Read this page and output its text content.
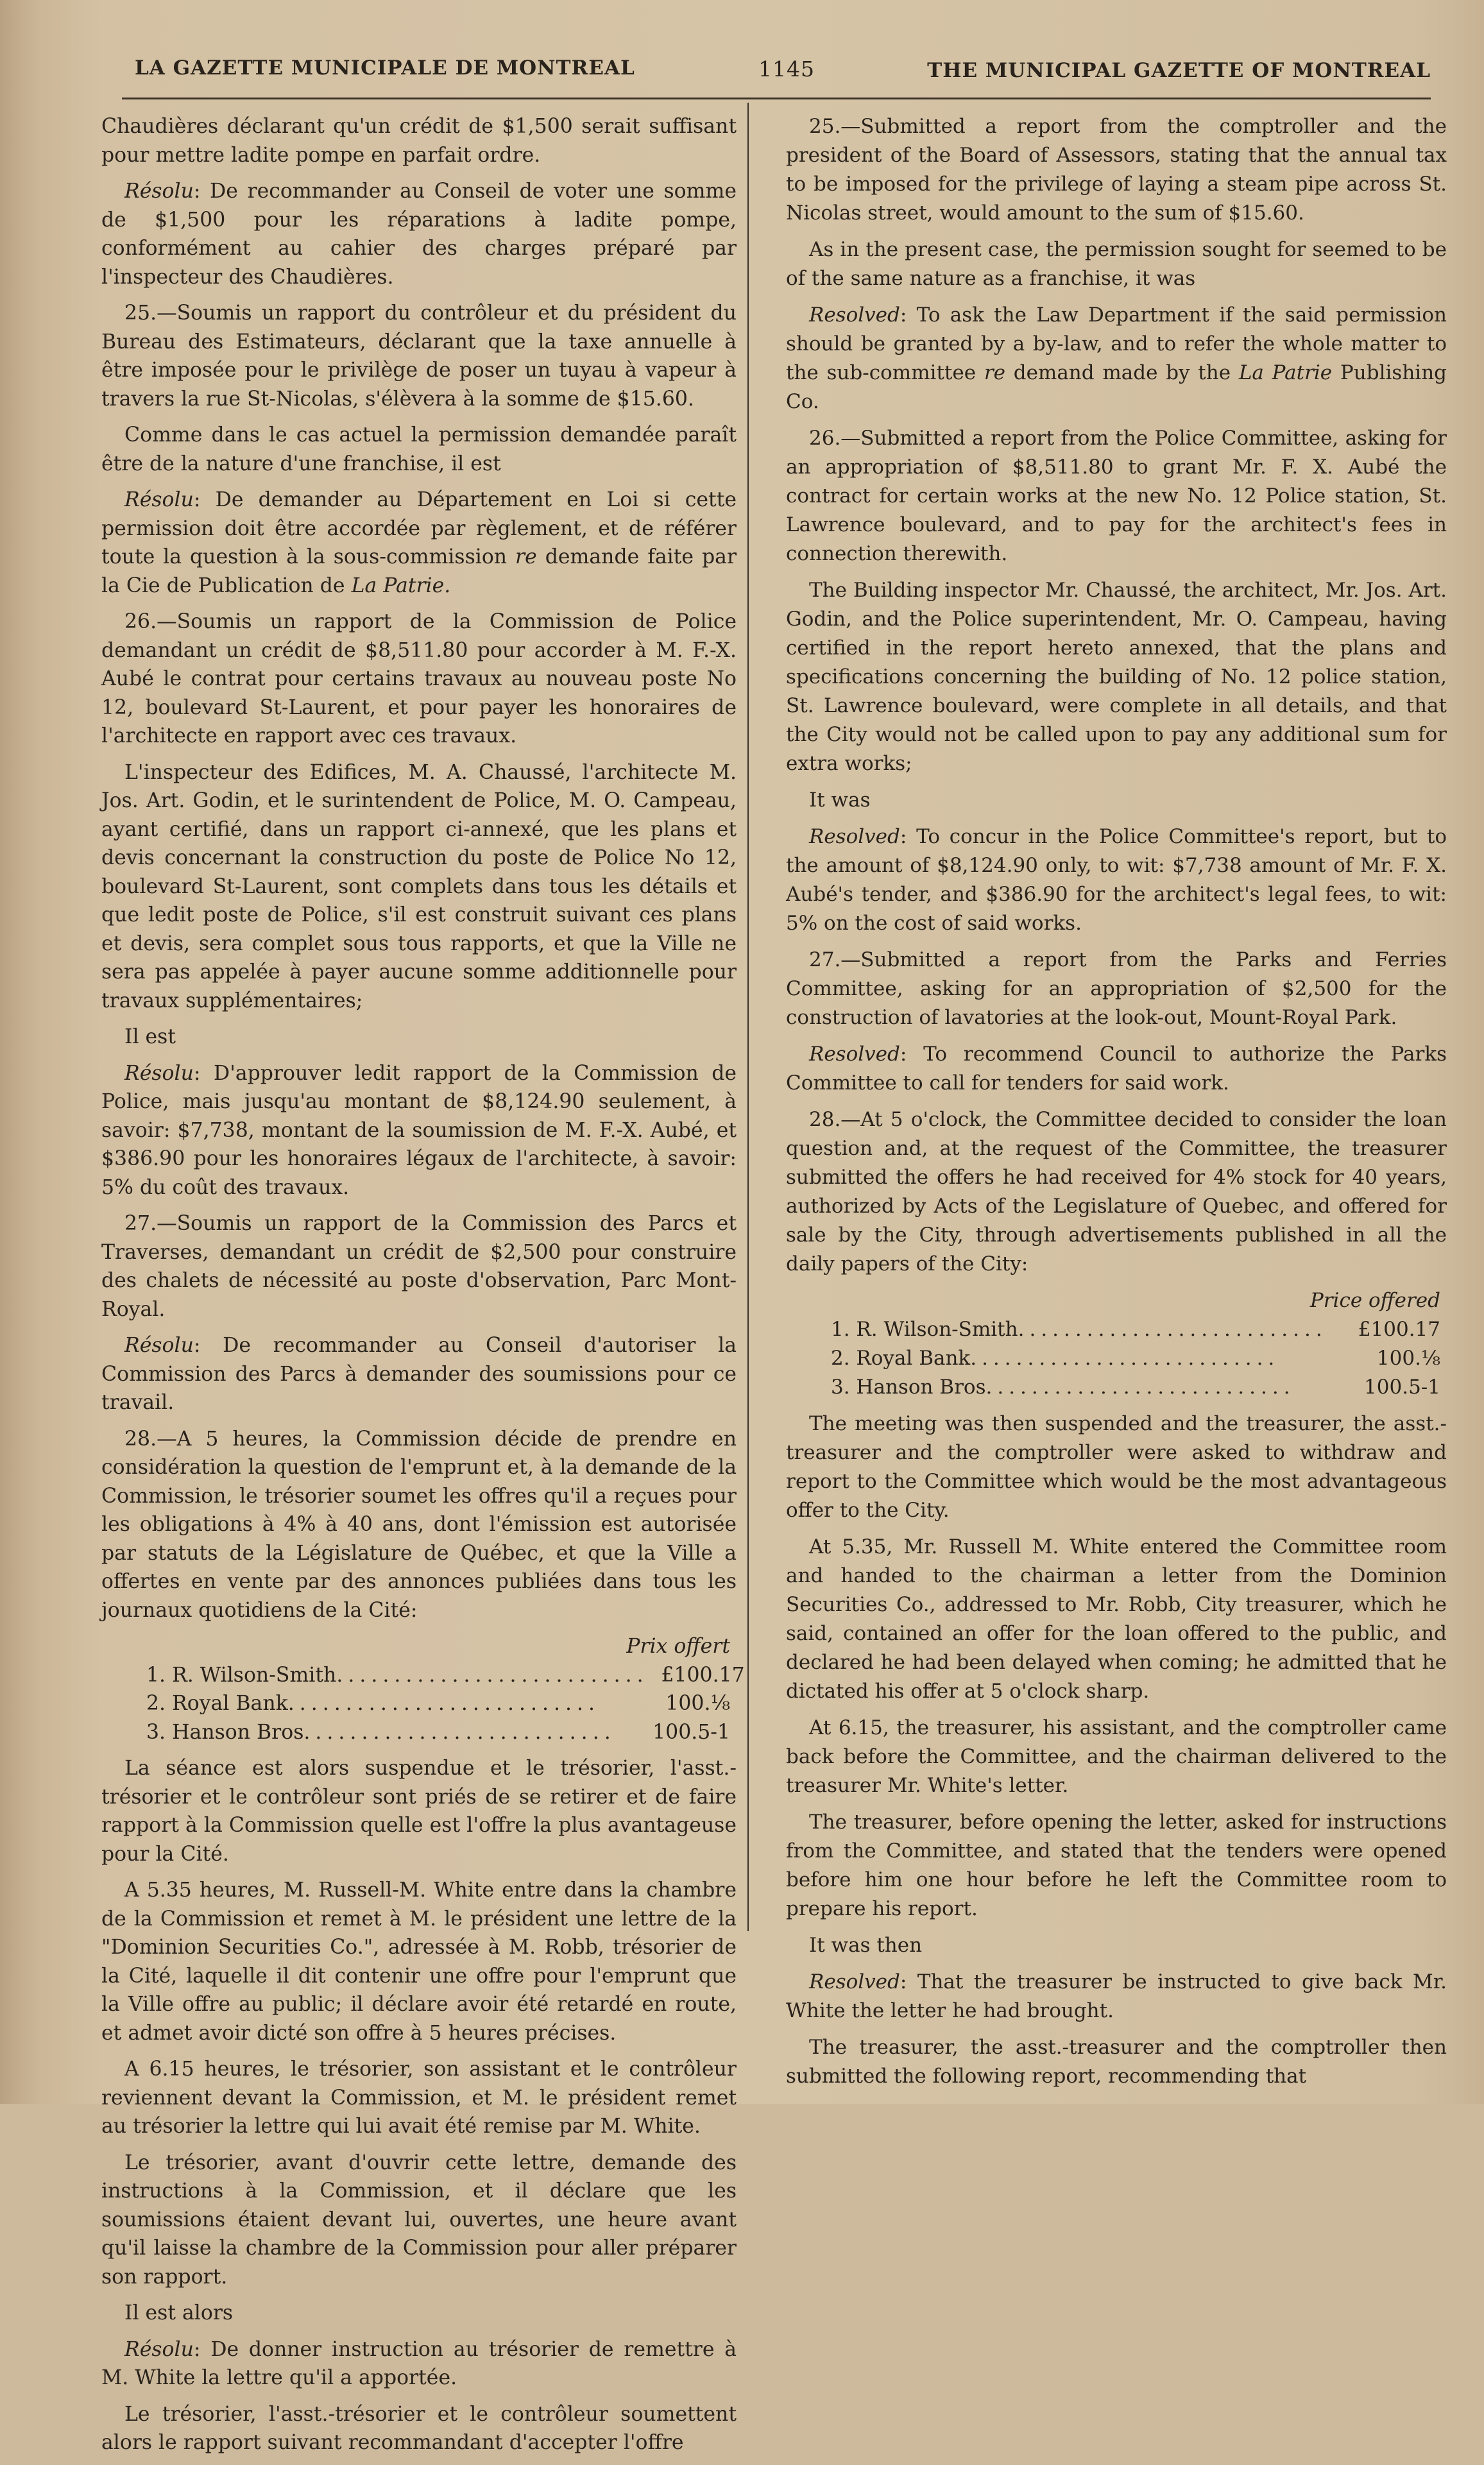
LA GAZETTE MUNICIPALE DE MONTREAL	1145	THE MUNICIPAL GAZETTE OF MONTREAL

Chaudières déclarant qu'un crédit de $1,500 serait suffisant pour mettre ladite pompe en parfait ordre.

Résolu: De recommander au Conseil de voter une somme de $1,500 pour les réparations à ladite pompe, conformément au cahier des charges préparé par l'inspecteur des Chaudières.

25.—Soumis un rapport du contrôleur et du président du Bureau des Estimateurs, déclarant que la taxe annuelle à être imposée pour le privilège de poser un tuyau à vapeur à travers la rue St-Nicolas, s'élèvera à la somme de $15.60.

Comme dans le cas actuel la permission demandée paraît être de la nature d'une franchise, il est

Résolu: De demander au Département en Loi si cette permission doit être accordée par règlement, et de référer toute la question à la sous-commission re demande faite par la Cie de Publication de La Patrie.

26.—Soumis un rapport de la Commission de Police demandant un crédit de $8,511.80 pour accorder à M. F.-X. Aubé le contrat pour certains travaux au nouveau poste No 12, boulevard St-Laurent, et pour payer les honoraires de l'architecte en rapport avec ces travaux.

L'inspecteur des Edifices, M. A. Chaussé, l'architecte M. Jos. Art. Godin, et le surintendent de Police, M. O. Campeau, ayant certifié, dans un rapport ci-annexé, que les plans et devis concernant la construction du poste de Police No 12, boulevard St-Laurent, sont complets dans tous les détails et que ledit poste de Police, s'il est construit suivant ces plans et devis, sera complet sous tous rapports, et que la Ville ne sera pas appelée à payer aucune somme additionnelle pour travaux supplémentaires;

Il est

Résolu: D'approuver ledit rapport de la Commission de Police, mais jusqu'au montant de $8,124.90 seulement, à savoir: $7,738, montant de la soumission de M. F.-X. Aubé, et $386.90 pour les honoraires légaux de l'architecte, à savoir: 5% du coût des travaux.

27.—Soumis un rapport de la Commission des Parcs et Traverses, demandant un crédit de $2,500 pour construire des chalets de nécessité au poste d'observation, Parc Mont-Royal.

Résolu: De recommander au Conseil d'autoriser la Commission des Parcs à demander des soumissions pour ce travail.

28.—A 5 heures, la Commission décide de prendre en considération la question de l'emprunt et, à la demande de la Commission, le trésorier soumet les offres qu'il a reçues pour les obligations à 4% à 40 ans, dont l'émission est autorisée par statuts de la Législature de Québec, et que la Ville a offertes en vente par des annonces publiées dans tous les journaux quotidiens de la Cité:

Prix offert
1. R. Wilson-Smith ........................... £100.17
2. Royal Bank ...........................	100.⅛
3. Hanson Bros ...........................	100.5-1

La séance est alors suspendue et le trésorier, l'asst.-trésorier et le contrôleur sont priés de se retirer et de faire rapport à la Commission quelle est l'offre la plus avantageuse pour la Cité.

A 5.35 heures, M. Russell-M. White entre dans la chambre de la Commission et remet à M. le président une lettre de la "Dominion Securities Co.", adressée à M. Robb, trésorier de la Cité, laquelle il dit contenir une offre pour l'emprunt que la Ville offre au public; il déclare avoir été retardé en route, et admet avoir dicté son offre à 5 heures précises.

A 6.15 heures, le trésorier, son assistant et le contrôleur reviennent devant la Commission, et M. le président remet au trésorier la lettre qui lui avait été remise par M. White.

Le trésorier, avant d'ouvrir cette lettre, demande des instructions à la Commission, et il déclare que les soumissions étaient devant lui, ouvertes, une heure avant qu'il laisse la chambre de la Commission pour aller préparer son rapport.

Il est alors

Résolu: De donner instruction au trésorier de remettre à M. White la lettre qu'il a apportée.

Le trésorier, l'asst.-trésorier et le contrôleur soumettent alors le rapport suivant recommandant d'accepter l'offre

25.—Submitted a report from the comptroller and the president of the Board of Assessors, stating that the annual tax to be imposed for the privilege of laying a steam pipe across St. Nicolas street, would amount to the sum of $15.60.

As in the present case, the permission sought for seemed to be of the same nature as a franchise, it was

Resolved: To ask the Law Department if the said permission should be granted by a by-law, and to refer the whole matter to the sub-committee re demand made by the La Patrie Publishing Co.

26.—Submitted a report from the Police Committee, asking for an appropriation of $8,511.80 to grant Mr. F. X. Aubé the contract for certain works at the new No. 12 Police station, St. Lawrence boulevard, and to pay for the architect's fees in connection therewith.

The Building inspector Mr. Chaussé, the architect, Mr. Jos. Art. Godin, and the Police superintendent, Mr. O. Campeau, having certified in the report hereto annexed, that the plans and specifications concerning the building of No. 12 police station, St. Lawrence boulevard, were complete in all details, and that the City would not be called upon to pay any additional sum for extra works;

It was

Resolved: To concur in the Police Committee's report, but to the amount of $8,124.90 only, to wit: $7,738 amount of Mr. F. X. Aubé's tender, and $386.90 for the architect's legal fees, to wit: 5% on the cost of said works.

27.—Submitted a report from the Parks and Ferries Committee, asking for an appropriation of $2,500 for the construction of lavatories at the look-out, Mount-Royal Park.

Resolved: To recommend Council to authorize the Parks Committee to call for tenders for said work.

28.—At 5 o'clock, the Committee decided to consider the loan question and, at the request of the Committee, the treasurer submitted the offers he had received for 4% stock for 40 years, authorized by Acts of the Legislature of Quebec, and offered for sale by the City, through advertisements published in all the daily papers of the City:

Price offered
1. R. Wilson-Smith ...........................	£100.17
2. Royal Bank ...........................	100.⅛
3. Hanson Bros ...........................	100.5-1

The meeting was then suspended and the treasurer, the asst.-treasurer and the comptroller were asked to withdraw and report to the Committee which would be the most advantageous offer to the City.

At 5.35, Mr. Russell M. White entered the Committee room and handed to the chairman a letter from the Dominion Securities Co., addressed to Mr. Robb, City treasurer, which he said, contained an offer for the loan offered to the public, and declared he had been delayed when coming; he admitted that he dictated his offer at 5 o'clock sharp.

At 6.15, the treasurer, his assistant, and the comptroller came back before the Committee, and the chairman delivered to the treasurer Mr. White's letter.

The treasurer, before opening the letter, asked for instructions from the Committee, and stated that the tenders were opened before him one hour before he left the Committee room to prepare his report.

It was then

Resolved: That the treasurer be instructed to give back Mr. White the letter he had brought.

The treasurer, the asst.-treasurer and the comptroller then submitted the following report, recommending that
